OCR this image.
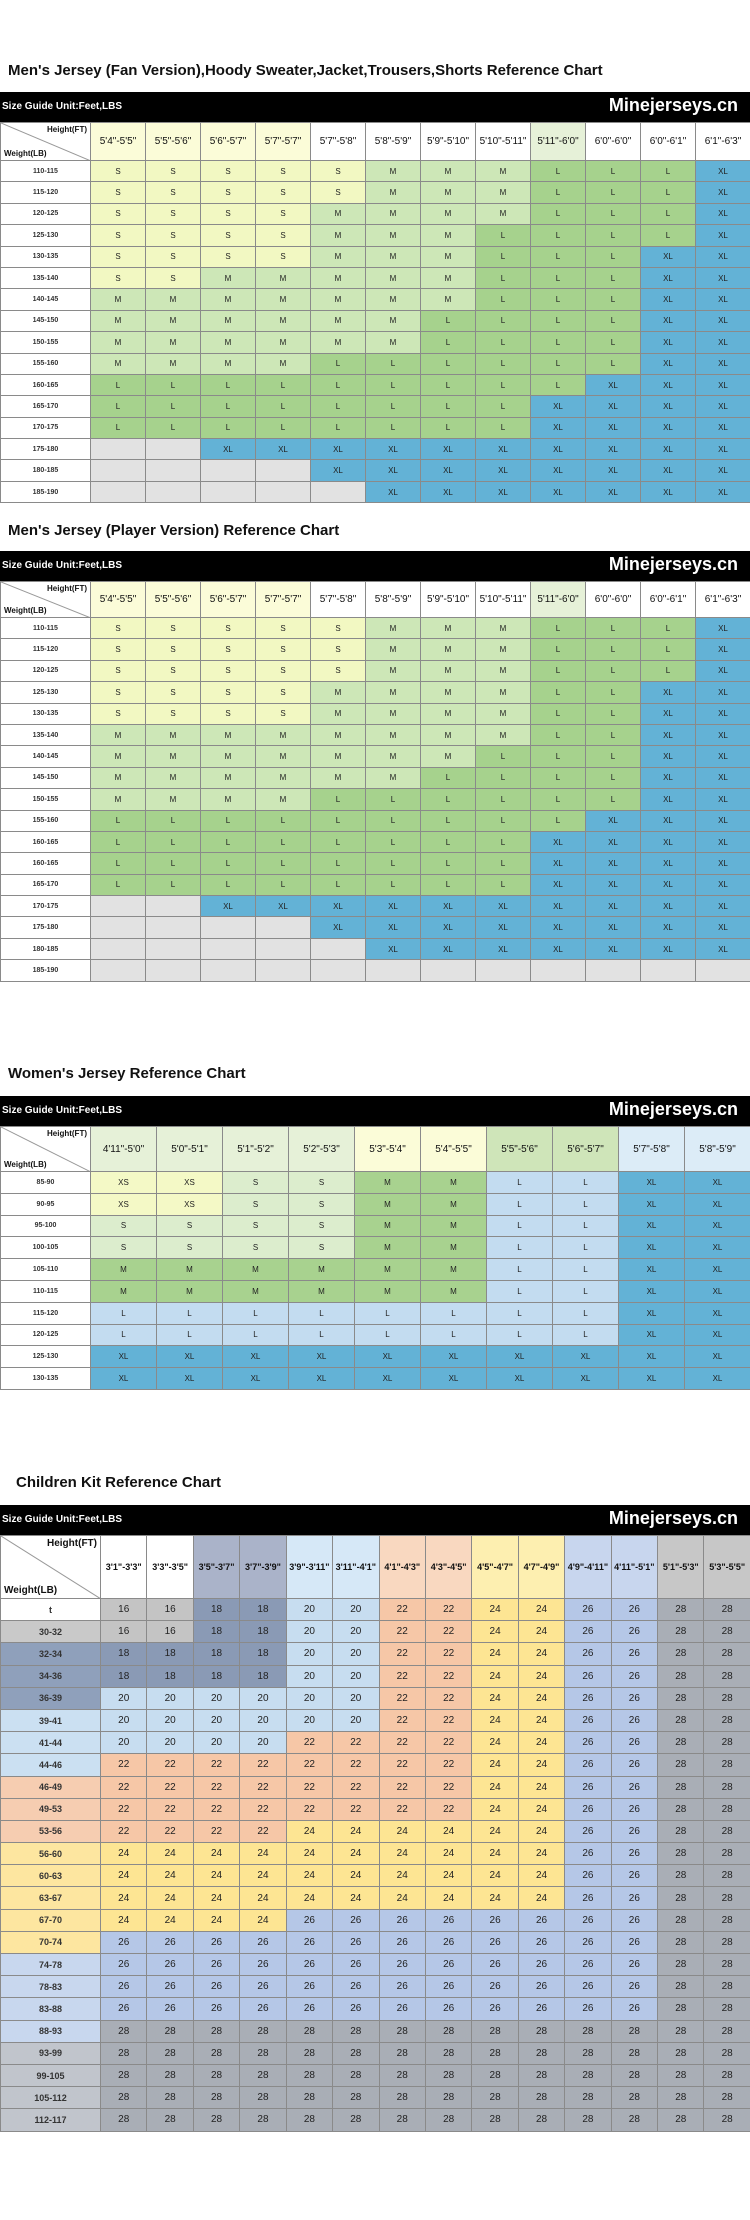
Men's Jersey (Fan Version),Hoody Sweater,Jacket,Trousers,Shorts Reference Chart
Size Guide Unit:Feet,LBS	Minejerseys.cn
Height(FT)
Weight(LB)	5'4"-5'5"	5'5"-5'6"	5'6"-5'7"	5'7"-5'7"	5'7"-5'8"	5'8"-5'9"	5'9"-5'10"	5'10"-5'11"	5'11"-6'0"	6'0"-6'0"	6'0"-6'1"	6'1"-6'3"
110-115	S	S	S	S	S	M	M	M	L	L	L	XL
115-120	S	S	S	S	S	M	M	M	L	L	L	XL
120-125	S	S	S	S	M	M	M	M	L	L	L	XL
125-130	S	S	S	S	M	M	M	L	L	L	L	XL
130-135	S	S	S	S	M	M	M	L	L	L	XL	XL
135-140	S	S	M	M	M	M	M	L	L	L	XL	XL
140-145	M	M	M	M	M	M	M	L	L	L	XL	XL
145-150	M	M	M	M	M	M	L	L	L	L	XL	XL
150-155	M	M	M	M	M	M	L	L	L	L	XL	XL
155-160	M	M	M	M	L	L	L	L	L	L	XL	XL
160-165	L	L	L	L	L	L	L	L	L	XL	XL	XL
165-170	L	L	L	L	L	L	L	L	XL	XL	XL	XL
170-175	L	L	L	L	L	L	L	L	XL	XL	XL	XL
175-180			XL	XL	XL	XL	XL	XL	XL	XL	XL	XL
180-185					XL	XL	XL	XL	XL	XL	XL	XL
185-190						XL	XL	XL	XL	XL	XL	XL
Men's Jersey (Player Version) Reference Chart
Size Guide Unit:Feet,LBS	Minejerseys.cn
Height(FT)
Weight(LB)	5'4"-5'5"	5'5"-5'6"	5'6"-5'7"	5'7"-5'7"	5'7"-5'8"	5'8"-5'9"	5'9"-5'10"	5'10"-5'11"	5'11"-6'0"	6'0"-6'0"	6'0"-6'1"	6'1"-6'3"
110-115	S	S	S	S	S	M	M	M	L	L	L	XL
115-120	S	S	S	S	S	M	M	M	L	L	L	XL
120-125	S	S	S	S	S	M	M	M	L	L	L	XL
125-130	S	S	S	S	M	M	M	M	L	L	XL	XL
130-135	S	S	S	S	M	M	M	M	L	L	XL	XL
135-140	M	M	M	M	M	M	M	M	L	L	XL	XL
140-145	M	M	M	M	M	M	M	L	L	L	XL	XL
145-150	M	M	M	M	M	M	L	L	L	L	XL	XL
150-155	M	M	M	M	L	L	L	L	L	L	XL	XL
155-160	L	L	L	L	L	L	L	L	L	XL	XL	XL
160-165	L	L	L	L	L	L	L	L	XL	XL	XL	XL
160-165	L	L	L	L	L	L	L	L	XL	XL	XL	XL
165-170	L	L	L	L	L	L	L	L	XL	XL	XL	XL
170-175			XL	XL	XL	XL	XL	XL	XL	XL	XL	XL
175-180					XL	XL	XL	XL	XL	XL	XL	XL
180-185						XL	XL	XL	XL	XL	XL	XL
185-190												
Women's Jersey Reference Chart
Size Guide Unit:Feet,LBS	Minejerseys.cn
Height(FT)
Weight(LB)	4'11"-5'0"	5'0"-5'1"	5'1"-5'2"	5'2"-5'3"	5'3"-5'4"	5'4"-5'5"	5'5"-5'6"	5'6"-5'7"	5'7"-5'8"	5'8"-5'9"
85-90	XS	XS	S	S	M	M	L	L	XL	XL
90-95	XS	XS	S	S	M	M	L	L	XL	XL
95-100	S	S	S	S	M	M	L	L	XL	XL
100-105	S	S	S	S	M	M	L	L	XL	XL
105-110	M	M	M	M	M	M	L	L	XL	XL
110-115	M	M	M	M	M	M	L	L	XL	XL
115-120	L	L	L	L	L	L	L	L	XL	XL
120-125	L	L	L	L	L	L	L	L	XL	XL
125-130	XL	XL	XL	XL	XL	XL	XL	XL	XL	XL
130-135	XL	XL	XL	XL	XL	XL	XL	XL	XL	XL
Children Kit Reference Chart
Size Guide Unit:Feet,LBS	Minejerseys.cn
Height(FT)
Weight(LB)	3'1"-3'3"	3'3"-3'5"	3'5"-3'7"	3'7"-3'9"	3'9"-3'11"	3'11"-4'1"	4'1"-4'3"	4'3"-4'5"	4'5"-4'7"	4'7"-4'9"	4'9"-4'11"	4'11"-5'1"	5'1"-5'3"	5'3"-5'5"
t	16	16	18	18	20	20	22	22	24	24	26	26	28	28
30-32	16	16	18	18	20	20	22	22	24	24	26	26	28	28
32-34	18	18	18	18	20	20	22	22	24	24	26	26	28	28
34-36	18	18	18	18	20	20	22	22	24	24	26	26	28	28
36-39	20	20	20	20	20	20	22	22	24	24	26	26	28	28
39-41	20	20	20	20	20	20	22	22	24	24	26	26	28	28
41-44	20	20	20	20	22	22	22	22	24	24	26	26	28	28
44-46	22	22	22	22	22	22	22	22	24	24	26	26	28	28
46-49	22	22	22	22	22	22	22	22	24	24	26	26	28	28
49-53	22	22	22	22	22	22	22	22	24	24	26	26	28	28
53-56	22	22	22	22	24	24	24	24	24	24	26	26	28	28
56-60	24	24	24	24	24	24	24	24	24	24	26	26	28	28
60-63	24	24	24	24	24	24	24	24	24	24	26	26	28	28
63-67	24	24	24	24	24	24	24	24	24	24	26	26	28	28
67-70	24	24	24	24	26	26	26	26	26	26	26	26	28	28
70-74	26	26	26	26	26	26	26	26	26	26	26	26	28	28
74-78	26	26	26	26	26	26	26	26	26	26	26	26	28	28
78-83	26	26	26	26	26	26	26	26	26	26	26	26	28	28
83-88	26	26	26	26	26	26	26	26	26	26	26	26	28	28
88-93	28	28	28	28	28	28	28	28	28	28	28	28	28	28
93-99	28	28	28	28	28	28	28	28	28	28	28	28	28	28
99-105	28	28	28	28	28	28	28	28	28	28	28	28	28	28
105-112	28	28	28	28	28	28	28	28	28	28	28	28	28	28
112-117	28	28	28	28	28	28	28	28	28	28	28	28	28	28
